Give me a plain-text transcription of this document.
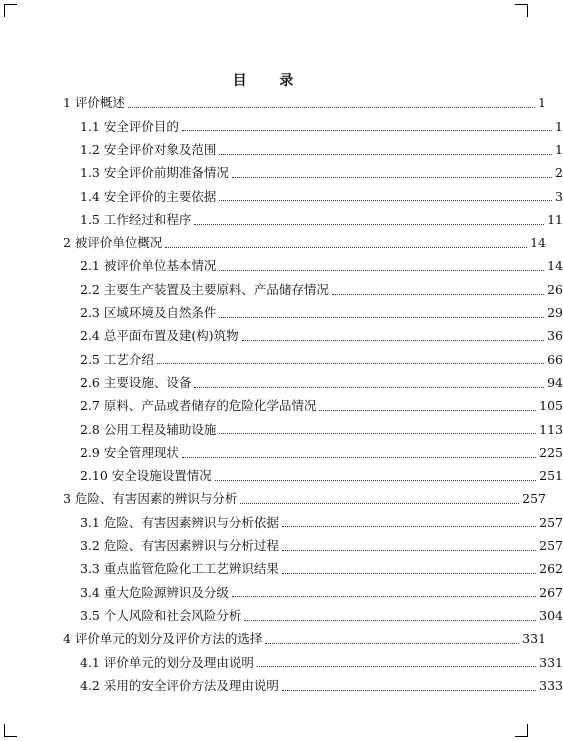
目 录
1 评价概述	1
1.1 安全评价目的	1
1.2 安全评价对象及范围	1
1.3 安全评价前期准备情况	2
1.4 安全评价的主要依据	3
1.5 工作经过和程序	11
2 被评价单位概况	14
2.1 被评价单位基本情况	14
2.2 主要生产装置及主要原料、产品储存情况	26
2.3 区域环境及自然条件	29
2.4 总平面布置及建(构)筑物	36
2.5 工艺介绍	66
2.6 主要设施、设备	94
2.7 原料、产品或者储存的危险化学品情况	105
2.8 公用工程及辅助设施	113
2.9 安全管理现状	225
2.10 安全设施设置情况	251
3 危险、有害因素的辨识与分析	257
3.1 危险、有害因素辨识与分析依据	257
3.2 危险、有害因素辨识与分析过程	257
3.3 重点监管危险化工工艺辨识结果	262
3.4 重大危险源辨识及分级	267
3.5 个人风险和社会风险分析	304
4 评价单元的划分及评价方法的选择	331
4.1 评价单元的划分及理由说明	331
4.2 采用的安全评价方法及理由说明	333
